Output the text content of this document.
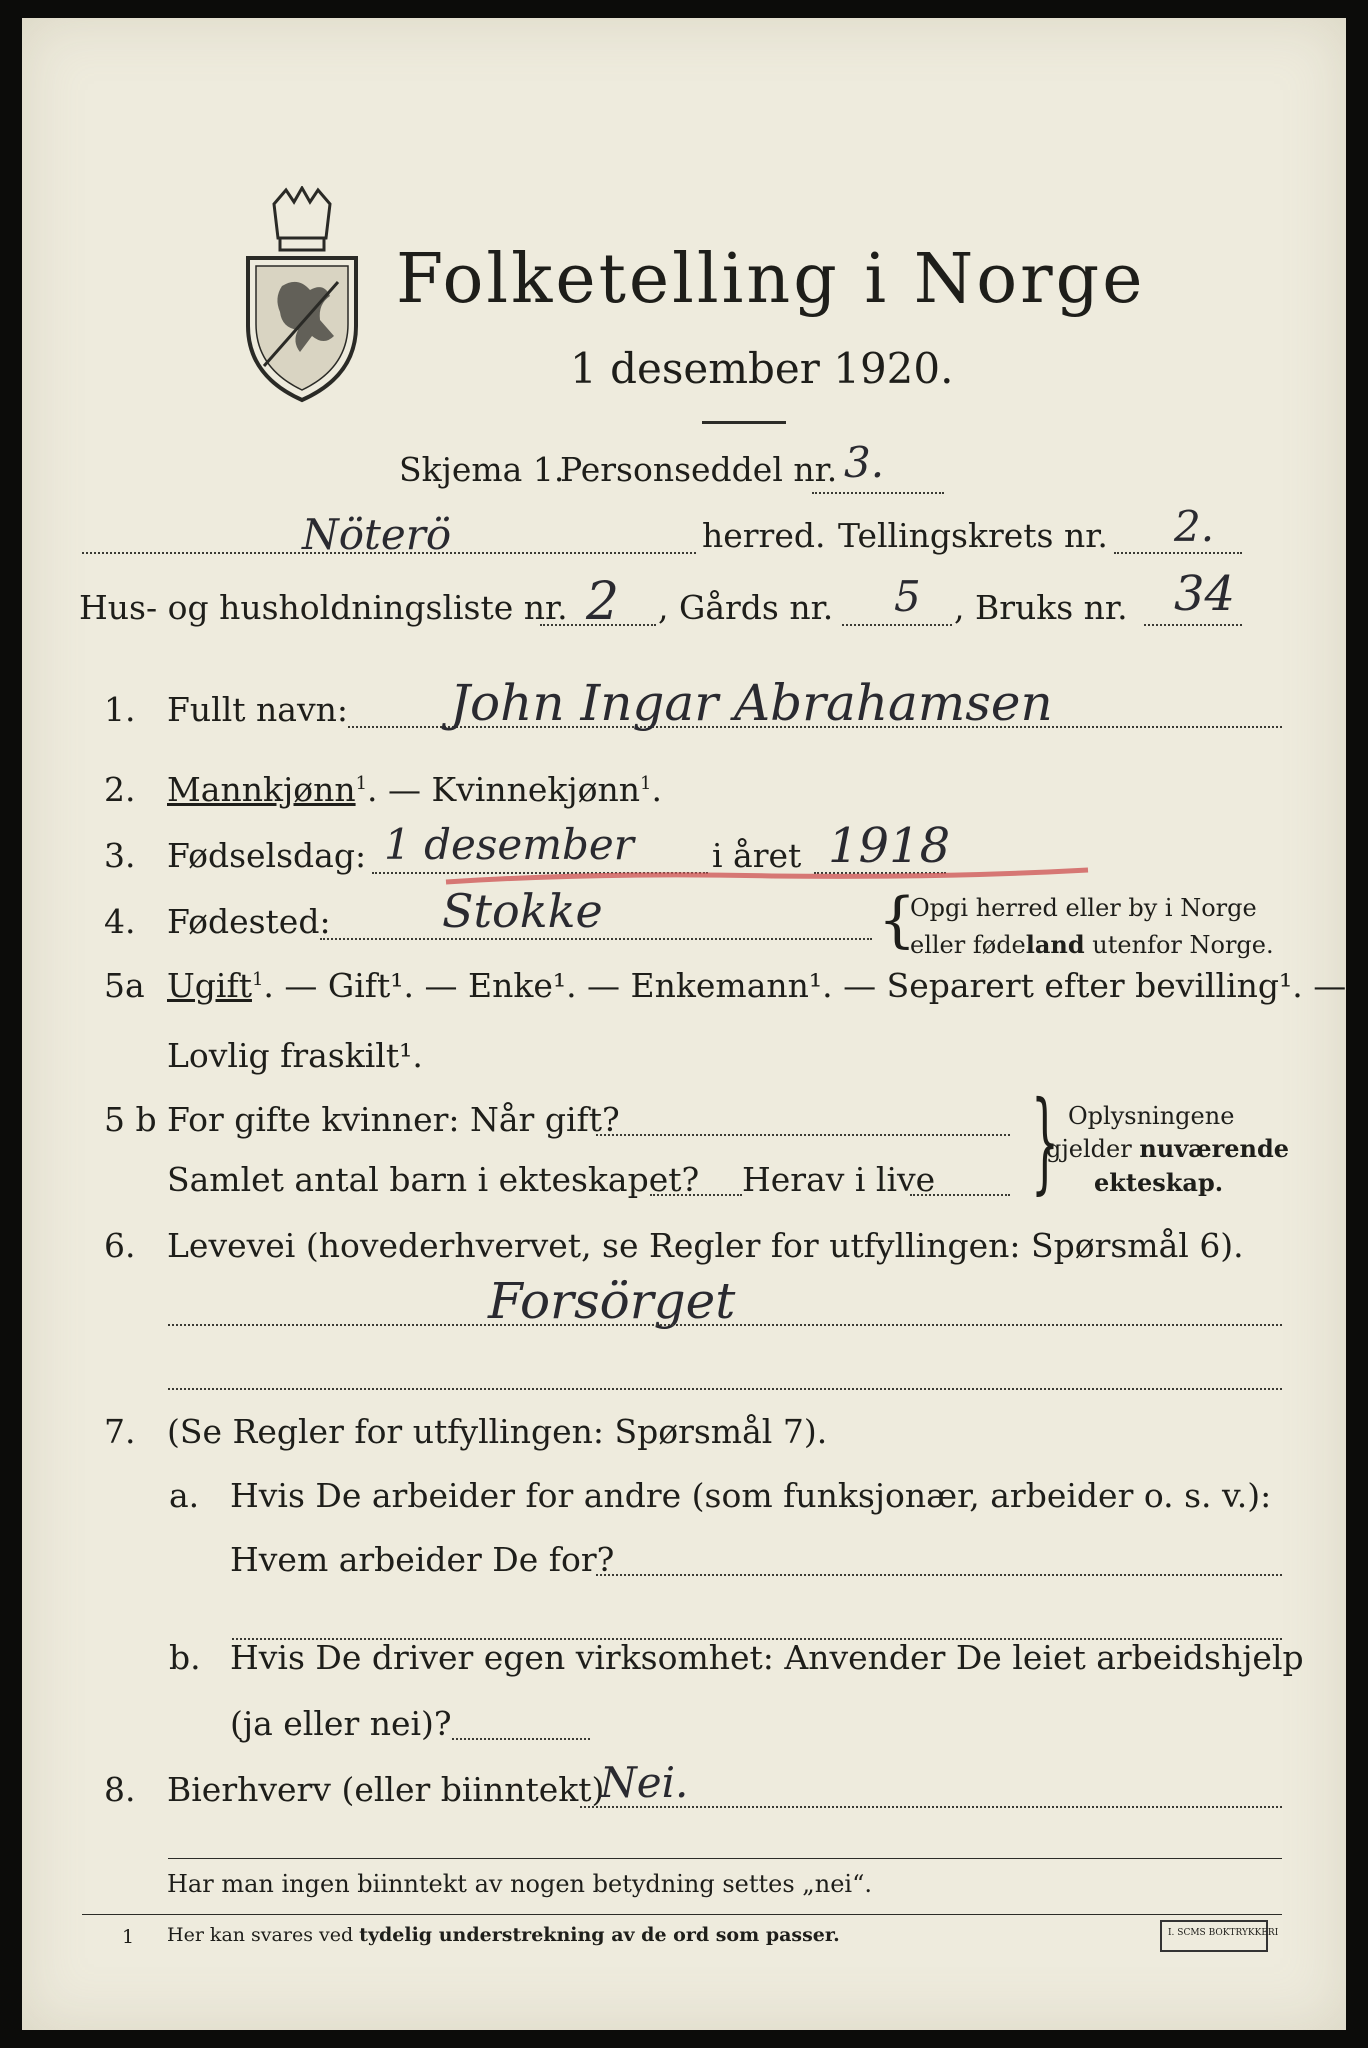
Folketelling i Norge
1 desember 1920.
Skjema 1.
Personseddel nr. 3.
Nöterö	herred. Tellingskrets nr. 2.
Hus- og husholdningsliste nr. 2 , Gårds nr. 5 , Bruks nr. 34
1. Fullt navn: John Ingar Abrahamsen
2. Mannkjønn$^1$. — Kvinnekjønn$^1$.
3. Fødselsdag: 1 desember i året 1918
4. Fødested: Stokke	{
Opgi herred eller by i Norge
eller fødeland utenfor Norge.
5a Ugift$^1$. — Gift¹. — Enke¹. — Enkemann¹. — Separert efter bevilling¹. —
Lovlig fraskilt¹.
5 b For gifte kvinner: Når gift?
Samlet antal barn i ekteskapet? Herav i live } Oplysningene
gjelder nuværende
ekteskap.
6. Levevei (hovederhvervet, se Regler for utfyllingen: Spørsmål 6).
Forsörget
7. (Se Regler for utfyllingen: Spørsmål 7).
a. Hvis De arbeider for andre (som funksjonær, arbeider o. s. v.):
Hvem arbeider De for?
b. Hvis De driver egen virksomhet: Anvender De leiet arbeidshjelp
(ja eller nei)?
8. Bierhverv (eller biinntekt)
Nei.
Har man ingen biinntekt av nogen betydning settes „nei“.
1 Her kan svares ved tydelig understrekning av de ord som passer.	I. SCMS BOKTRYKKERI
